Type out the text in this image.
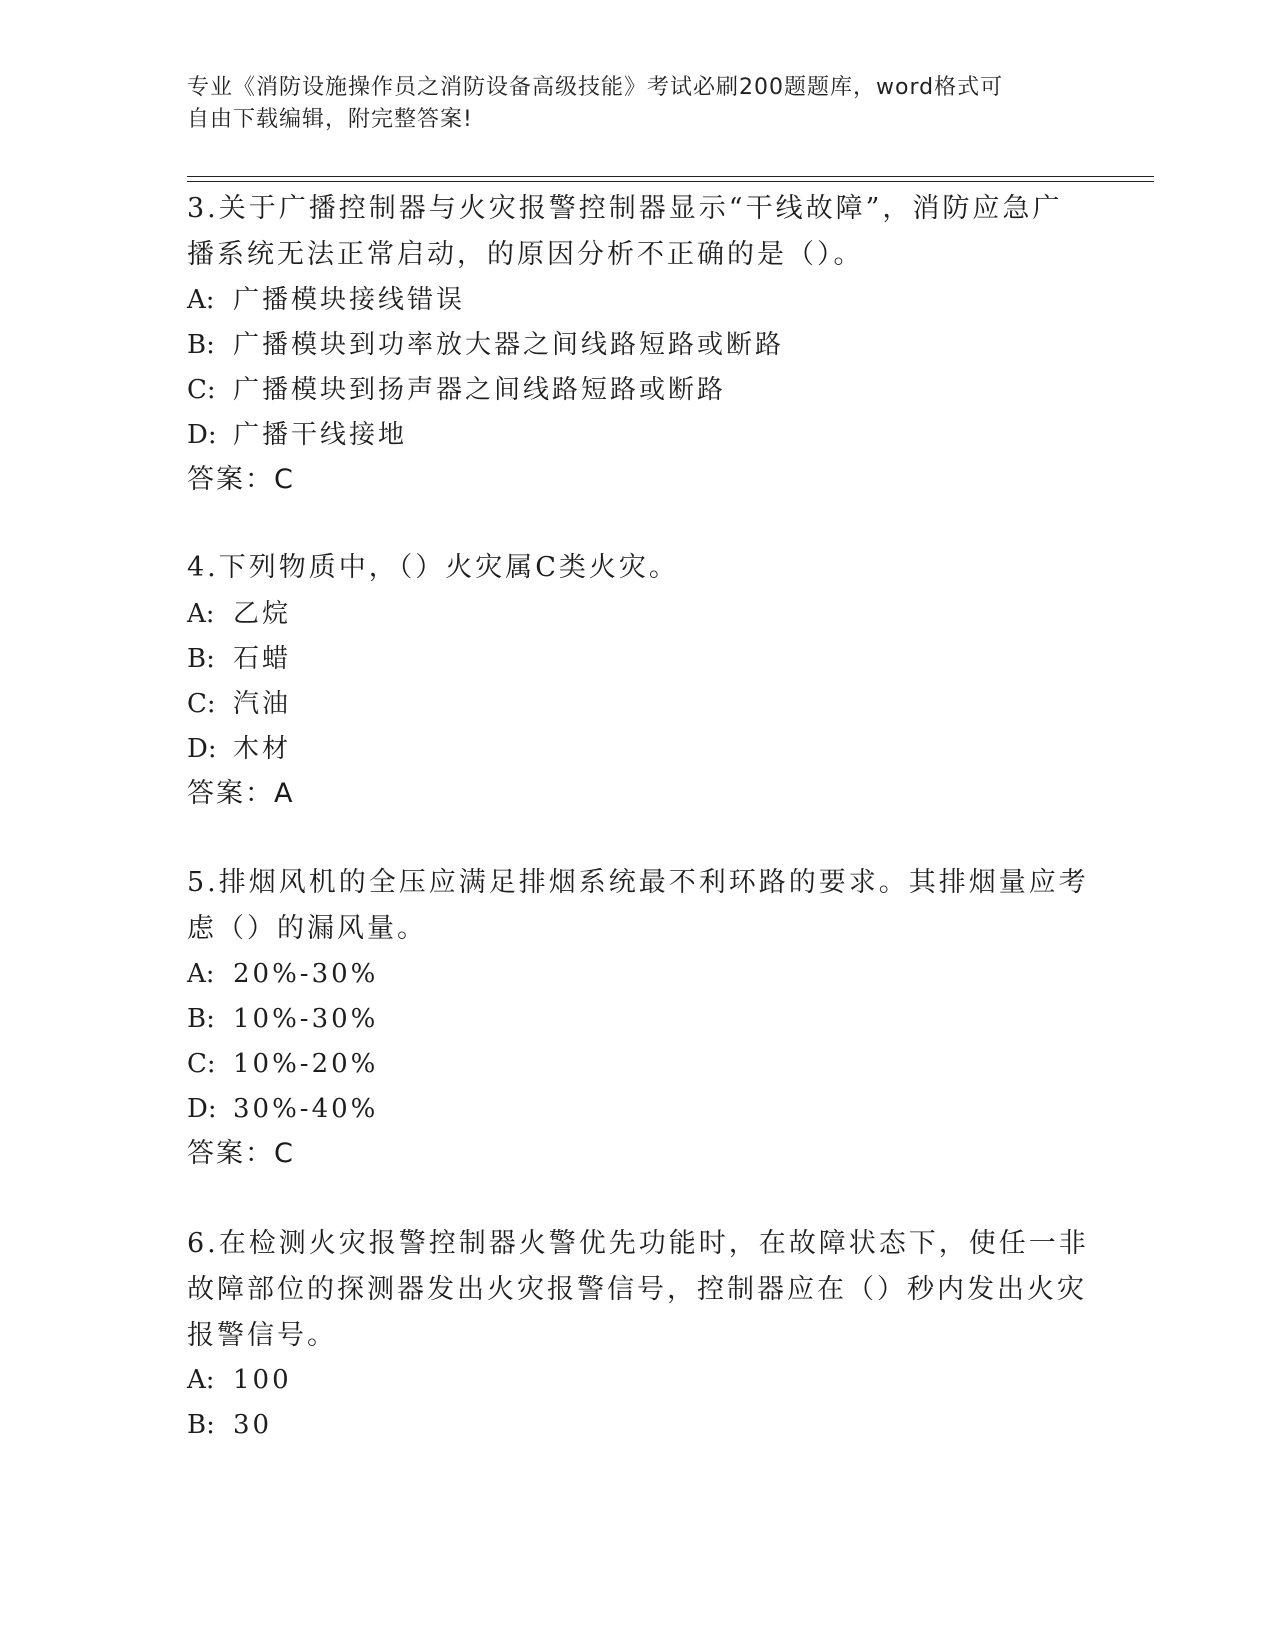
专业《消防设施操作员之消防设备高级技能》考试必刷200题题库，word格式可
自由下载编辑，附完整答案!
3.关于广播控制器与火灾报警控制器显示“干线故障”，消防应急广
播系统无法正常启动，的原因分析不正确的是（）。
A: 广播模块接线错误
B: 广播模块到功率放大器之间线路短路或断路
C: 广播模块到扬声器之间线路短路或断路
D: 广播干线接地
答案：C
4.下列物质中，（）火灾属C类火灾。
A: 乙烷
B: 石蜡
C: 汽油
D: 木材
答案：A
5.排烟风机的全压应满足排烟系统最不利环路的要求。其排烟量应考
虑（）的漏风量。
A: 20%-30%
B: 10%-30%
C: 10%-20%
D: 30%-40%
答案：C
6.在检测火灾报警控制器火警优先功能时，在故障状态下，使任一非
故障部位的探测器发出火灾报警信号，控制器应在（）秒内发出火灾
报警信号。
A: 100
B: 30
